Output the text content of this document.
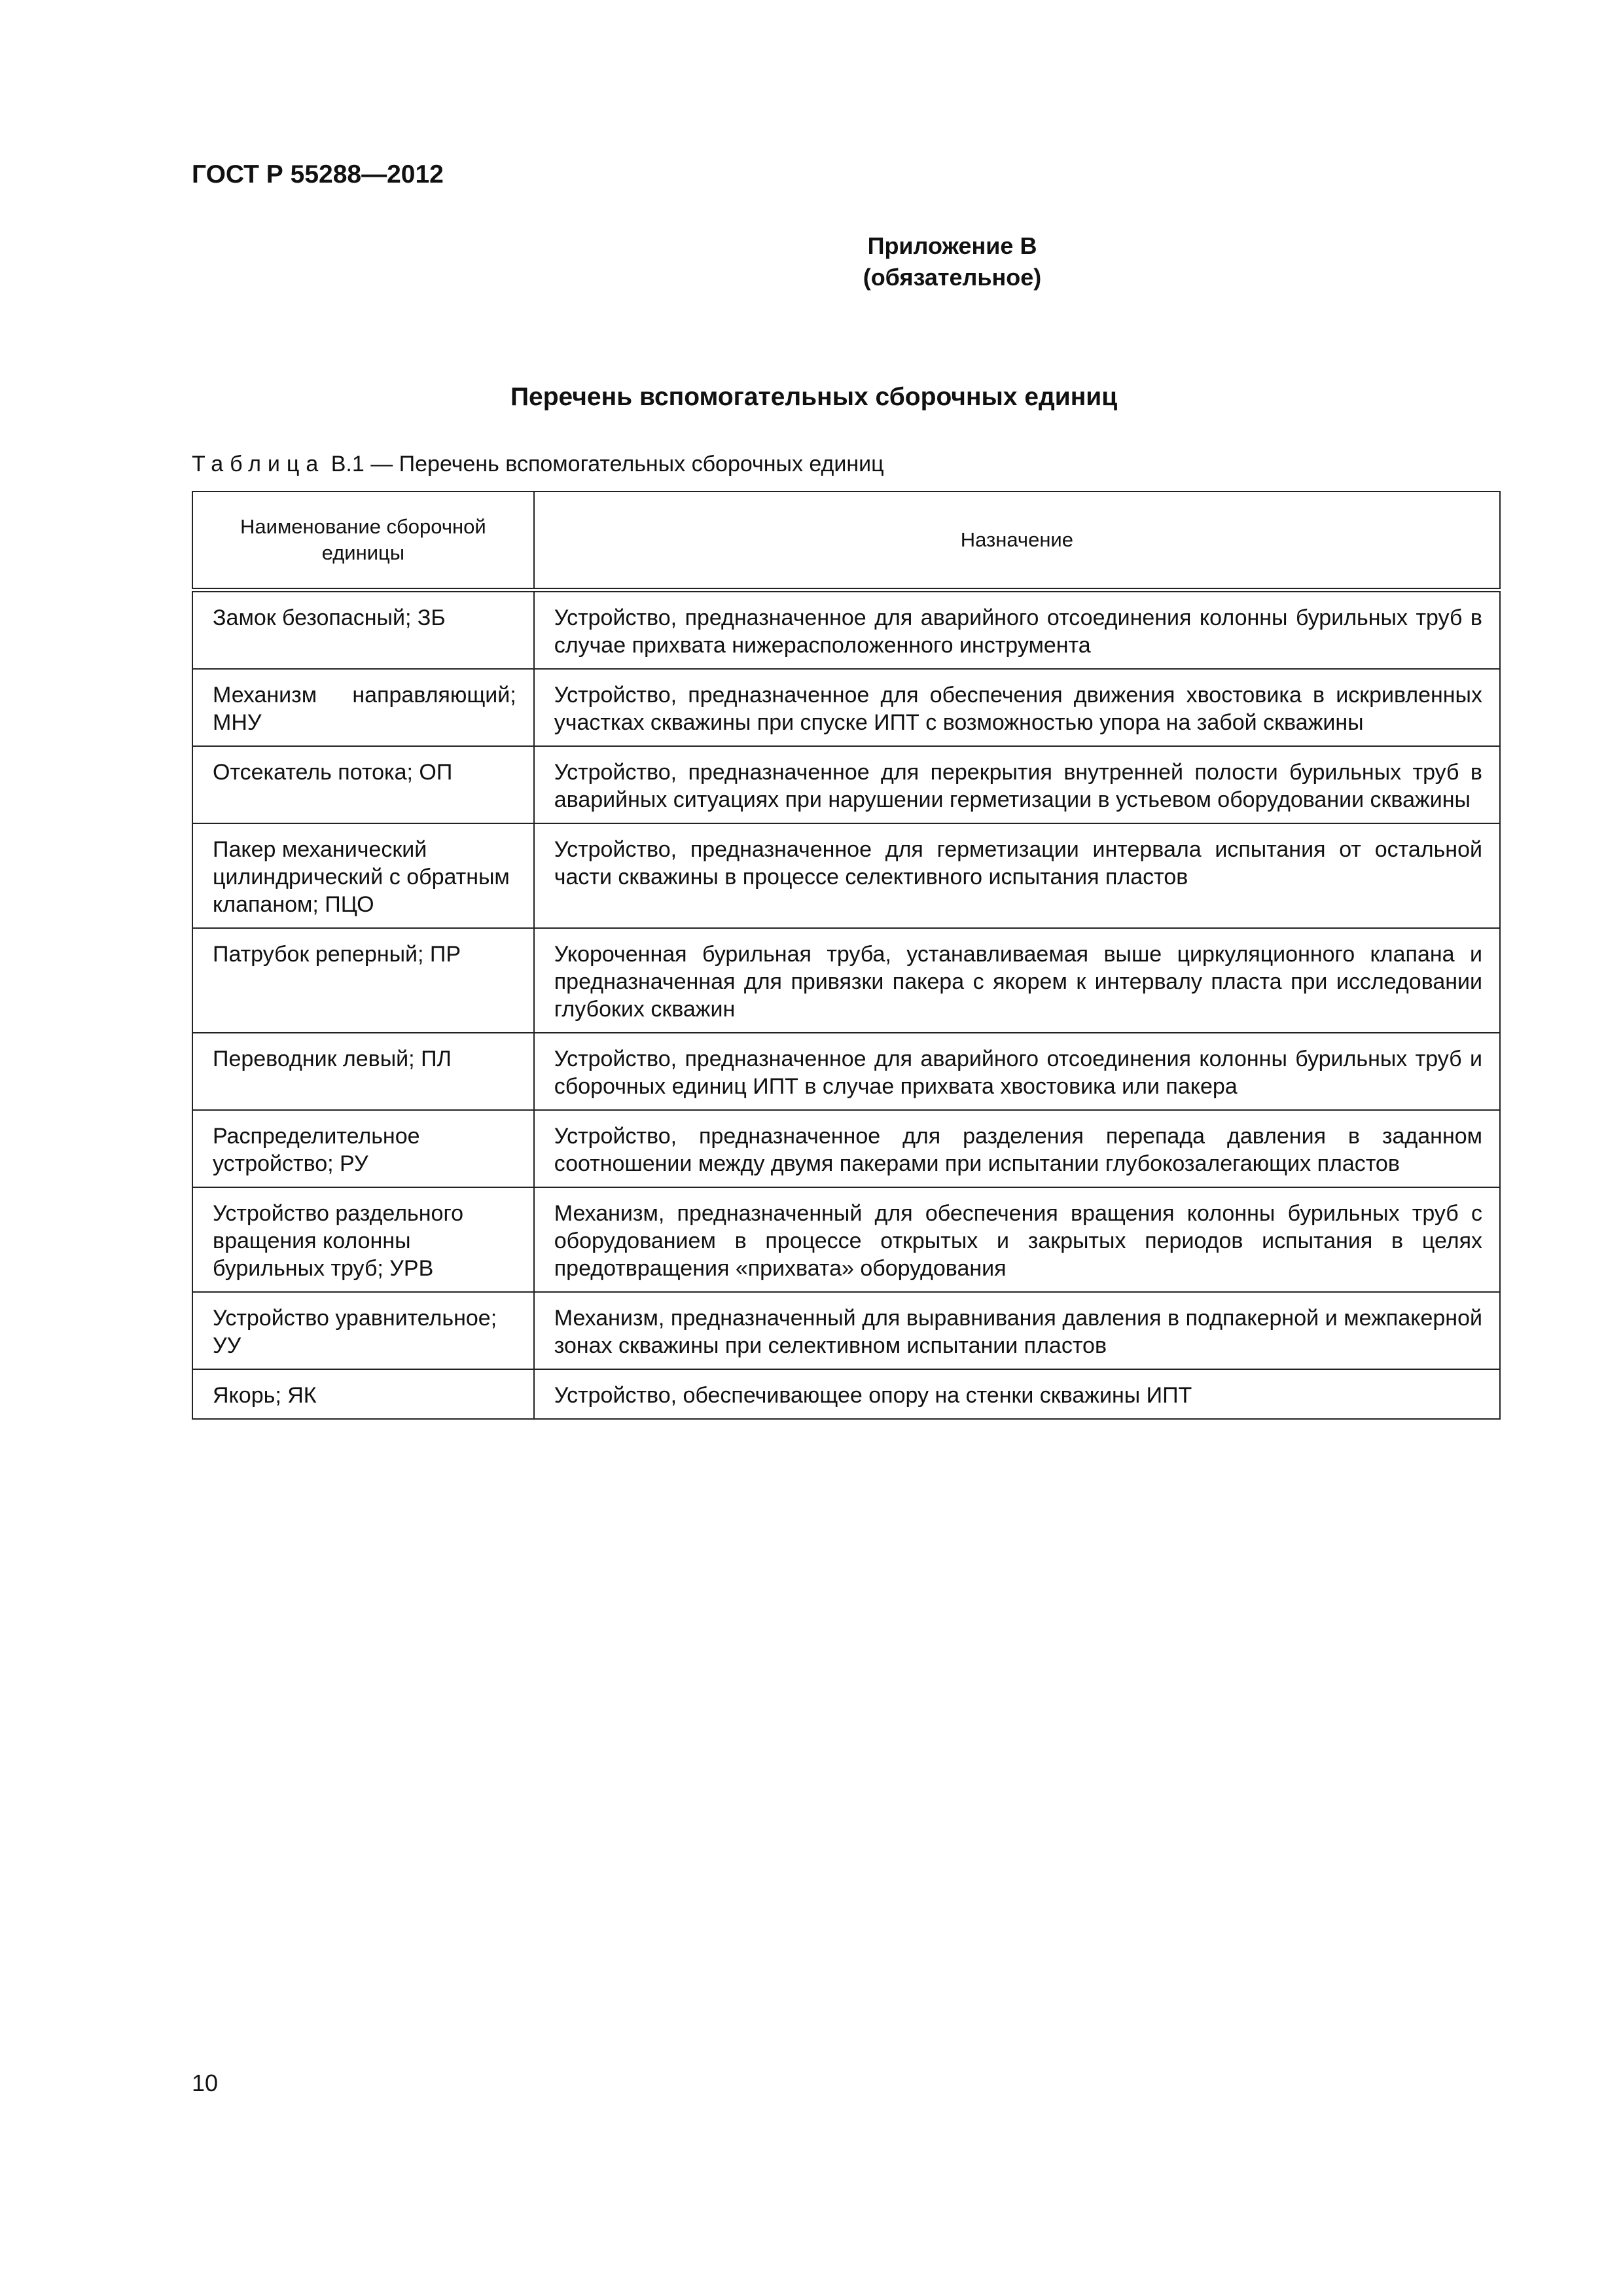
ГОСТ Р 55288—2012
Приложение В
(обязательное)
Перечень вспомогательных сборочных единиц
Таблица В.1 — Перечень вспомогательных сборочных единиц
Наименование сборочной единицы	Назначение
Замок безопасный; ЗБ	Устройство, предназначенное для аварийного отсоединения колонны бурильных труб в случае прихвата нижерасположенного инструмента
Механизм направляющий; МНУ	Устройство, предназначенное для обеспечения движения хвостовика в искривленных участках скважины при спуске ИПТ с возможностью упора на забой скважины
Отсекатель потока; ОП	Устройство, предназначенное для перекрытия внутренней полости бурильных труб в аварийных ситуациях при нарушении герметизации в устьевом оборудовании скважины
Пакер механический цилиндрический с обратным клапаном; ПЦО	Устройство, предназначенное для герметизации интервала испытания от остальной части скважины в процессе селективного испытания пластов
Патрубок реперный; ПР	Укороченная бурильная труба, устанавливаемая выше циркуляционного клапана и предназначенная для привязки пакера с якорем к интервалу пласта при исследовании глубоких скважин
Переводник левый; ПЛ	Устройство, предназначенное для аварийного отсоединения колонны бурильных труб и сборочных единиц ИПТ в случае прихвата хвостовика или пакера
Распределительное устройство; РУ	Устройство, предназначенное для разделения перепада давления в заданном соотношении между двумя пакерами при испытании глубокозалегающих пластов
Устройство раздельного вращения колонны бурильных труб; УРВ	Механизм, предназначенный для обеспечения вращения колонны бурильных труб с оборудованием в процессе открытых и закрытых периодов испытания в целях предотвращения «прихвата» оборудования
Устройство уравнительное; УУ	Механизм, предназначенный для выравнивания давления в подпакерной и межпакерной зонах скважины при селективном испытании пластов
Якорь; ЯК	Устройство, обеспечивающее опору на стенки скважины ИПТ
10
